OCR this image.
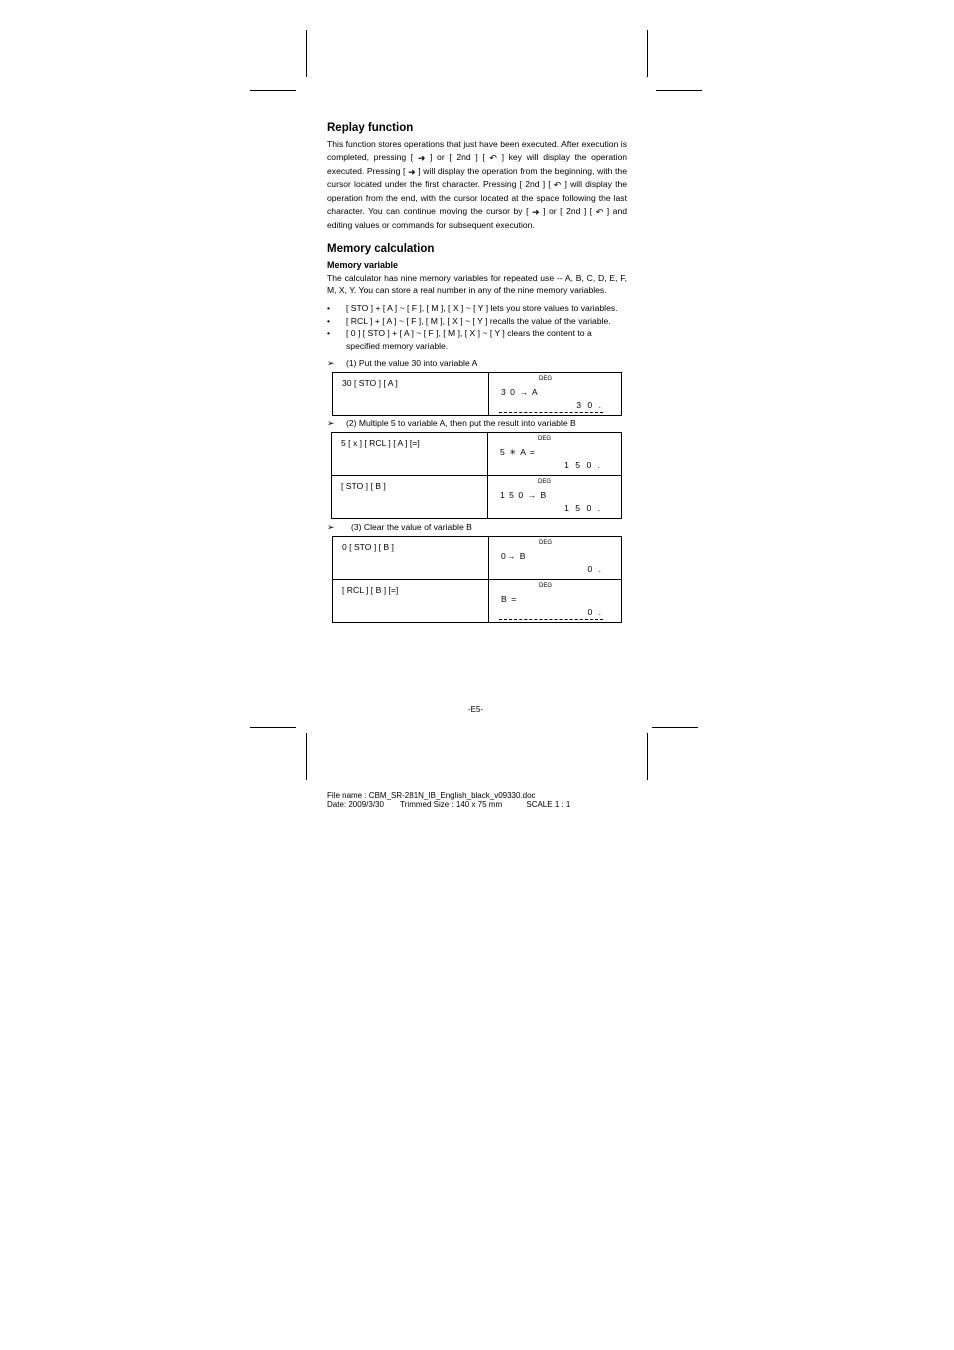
Replay function

This function stores operations that just have been executed. After execution is completed, pressing [ ➜ ] or [ 2nd ] [ ↶ ] key will display the operation executed. Pressing [ ➜ ] will display the operation from the beginning, with the cursor located under the first character. Pressing [ 2nd ] [ ↶ ] will display the operation from the end, with the cursor located at the space following the last character. You can continue moving the cursor by [ ➜ ] or [ 2nd ] [ ↶ ] and editing values or commands for subsequent execution.

Memory calculation
Memory variable

The calculator has nine memory variables for repeated use -- A, B, C, D, E, F, M, X, Y. You can store a real number in any of the nine memory variables.

• [ STO ] + [ A ] ~ [ F ], [ M ], [ X ] ~ [ Y ] lets you store values to variables.
• [ RCL ] + [ A ] ~ [ F ], [ M ], [ X ] ~ [ Y ] recalls the value of the variable.
• [ 0 ] [ STO ] + [ A ] ~ [ F ], [ M ], [ X ] ~ [ Y ] clears the content to a specified memory variable.
➢ (1) Put the value 30 into variable A
30 [ STO ] [ A ]	DEG
3 0 → A
3 0 .
➢ (2) Multiple 5 to variable A, then put the result into variable B
5 [ x ] [ RCL ] [ A ] [=]	DEG
5 ✳ A =
1 5 0 .

[ STO ] [ B ]	DEG
1 5 0 → B
1 5 0 .
➢ (3) Clear the value of variable B
0 [ STO ] [ B ]	DEG
0→ B
0 .

[ RCL ] [ B ] [=]	DEG
B =
0 .
-E5-
File name : CBM_SR-281N_IB_English_black_v09330.doc
Date: 2009/3/30 Trimmed Size : 140 x 75 mm	SCALE 1 : 1
